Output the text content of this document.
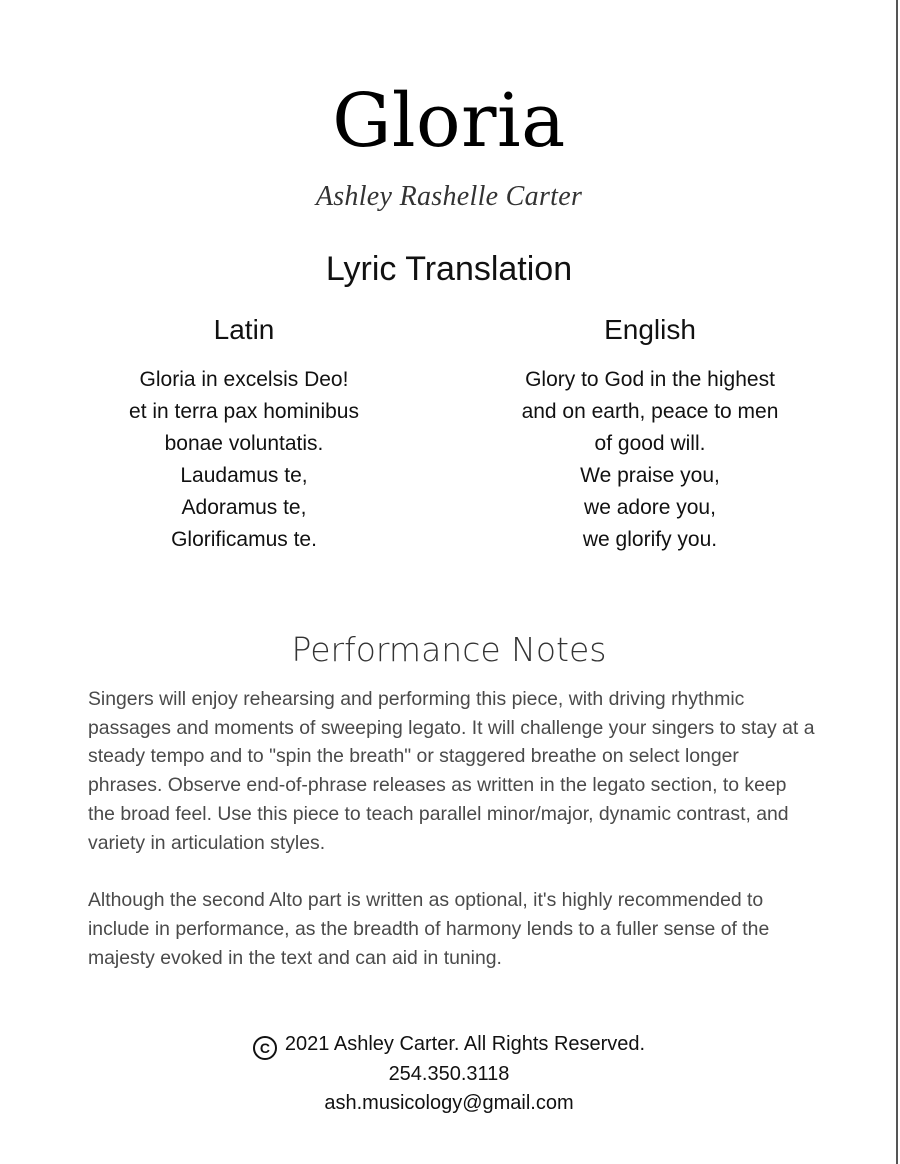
Gloria
Ashley Rashelle Carter
Lyric Translation
Latin
Gloria in excelsis Deo!
et in terra pax hominibus
bonae voluntatis.
Laudamus te,
Adoramus te,
Glorificamus te.
English
Glory to God in the highest
and on earth, peace to men
of good will.
We praise you,
we adore you,
we glorify you.
Performance Notes

Singers will enjoy rehearsing and performing this piece, with driving rhythmic passages and moments of sweeping legato. It will challenge your singers to stay at a steady tempo and to "spin the breath" or staggered breathe on select longer phrases. Observe end-of-phrase releases as written in the legato section, to keep the broad feel. Use this piece to teach parallel minor/major, dynamic contrast, and variety in articulation styles.

Although the second Alto part is written as optional, it's highly recommended to include in performance, as the breadth of harmony lends to a fuller sense of the majesty evoked in the text and can aid in tuning.

C 2021 Ashley Carter. All Rights Reserved.
254.350.3118
ash.musicology@gmail.com
